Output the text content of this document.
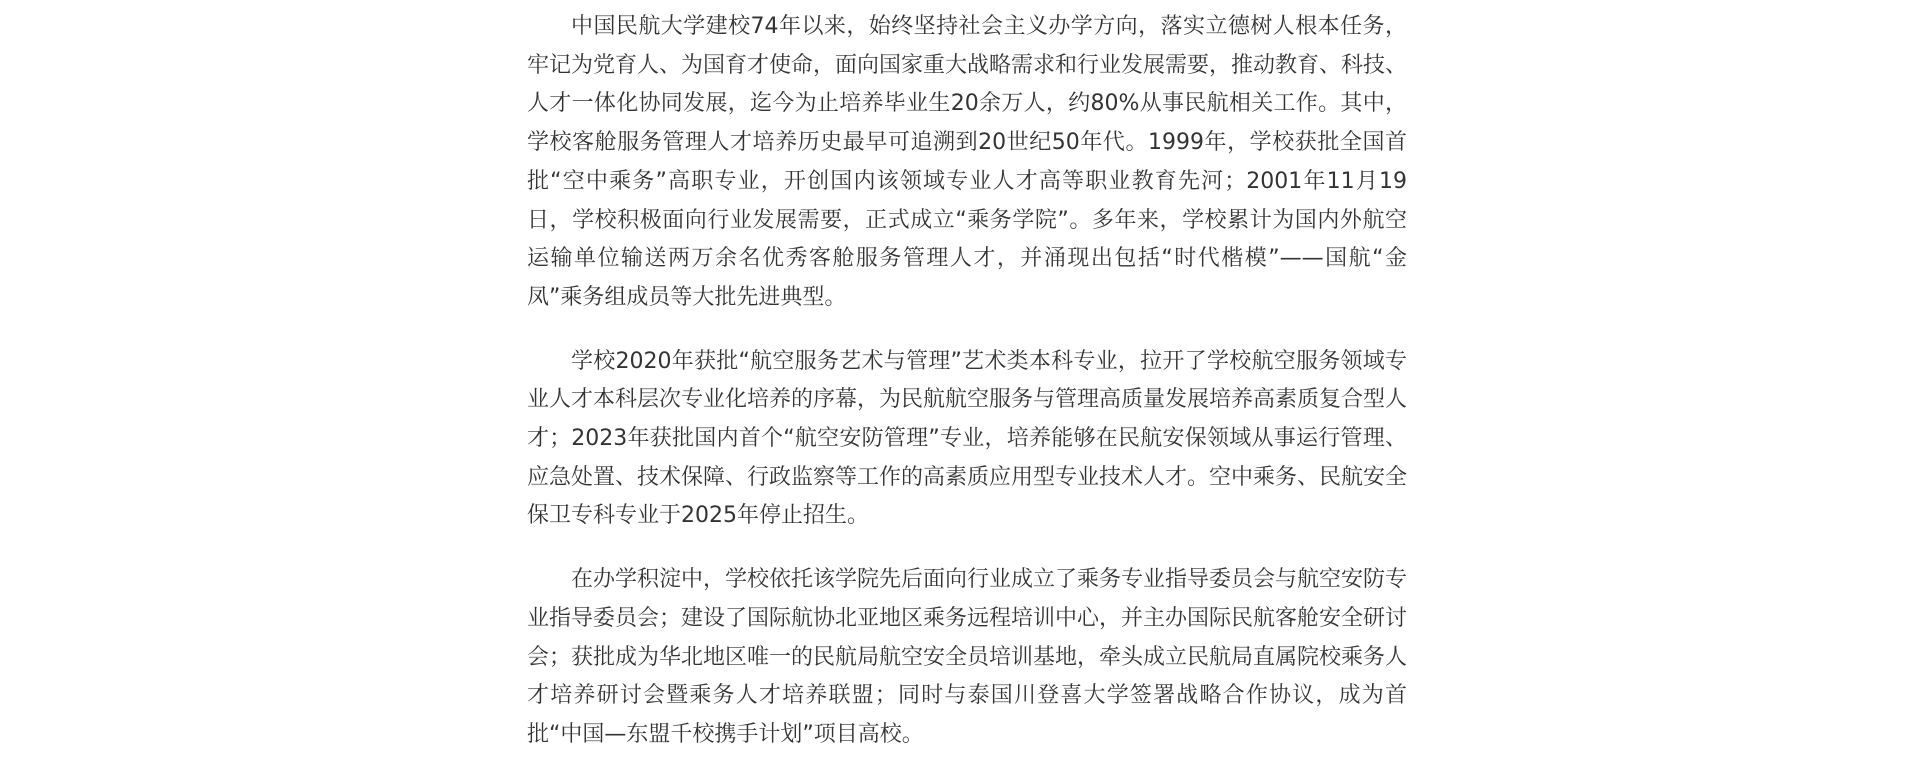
中国民航大学建校74年以来，始终坚持社会主义办学方向，落实立德树人根本任务，牢记为党育人、为国育才使命，面向国家重大战略需求和行业发展需要，推动教育、科技、人才一体化协同发展，迄今为止培养毕业生20余万人，约80%从事民航相关工作。其中，学校客舱服务管理人才培养历史最早可追溯到20世纪50年代。1999年，学校获批全国首批“空中乘务”高职专业，开创国内该领域专业人才高等职业教育先河；2001年11月19日，学校积极面向行业发展需要，正式成立“乘务学院”。多年来，学校累计为国内外航空运输单位输送两万余名优秀客舱服务管理人才，并涌现出包括“时代楷模”——国航“金凤”乘务组成员等大批先进典型。

学校2020年获批“航空服务艺术与管理”艺术类本科专业，拉开了学校航空服务领域专业人才本科层次专业化培养的序幕，为民航航空服务与管理高质量发展培养高素质复合型人才；2023年获批国内首个“航空安防管理”专业，培养能够在民航安保领域从事运行管理、应急处置、技术保障、行政监察等工作的高素质应用型专业技术人才。空中乘务、民航安全保卫专科专业于2025年停止招生。

在办学积淀中，学校依托该学院先后面向行业成立了乘务专业指导委员会与航空安防专业指导委员会；建设了国际航协北亚地区乘务远程培训中心，并主办国际民航客舱安全研讨会；获批成为华北地区唯一的民航局航空安全员培训基地，牵头成立民航局直属院校乘务人才培养研讨会暨乘务人才培养联盟；同时与泰国川登喜大学签署战略合作协议，成为首批“中国—东盟千校携手计划”项目高校。
